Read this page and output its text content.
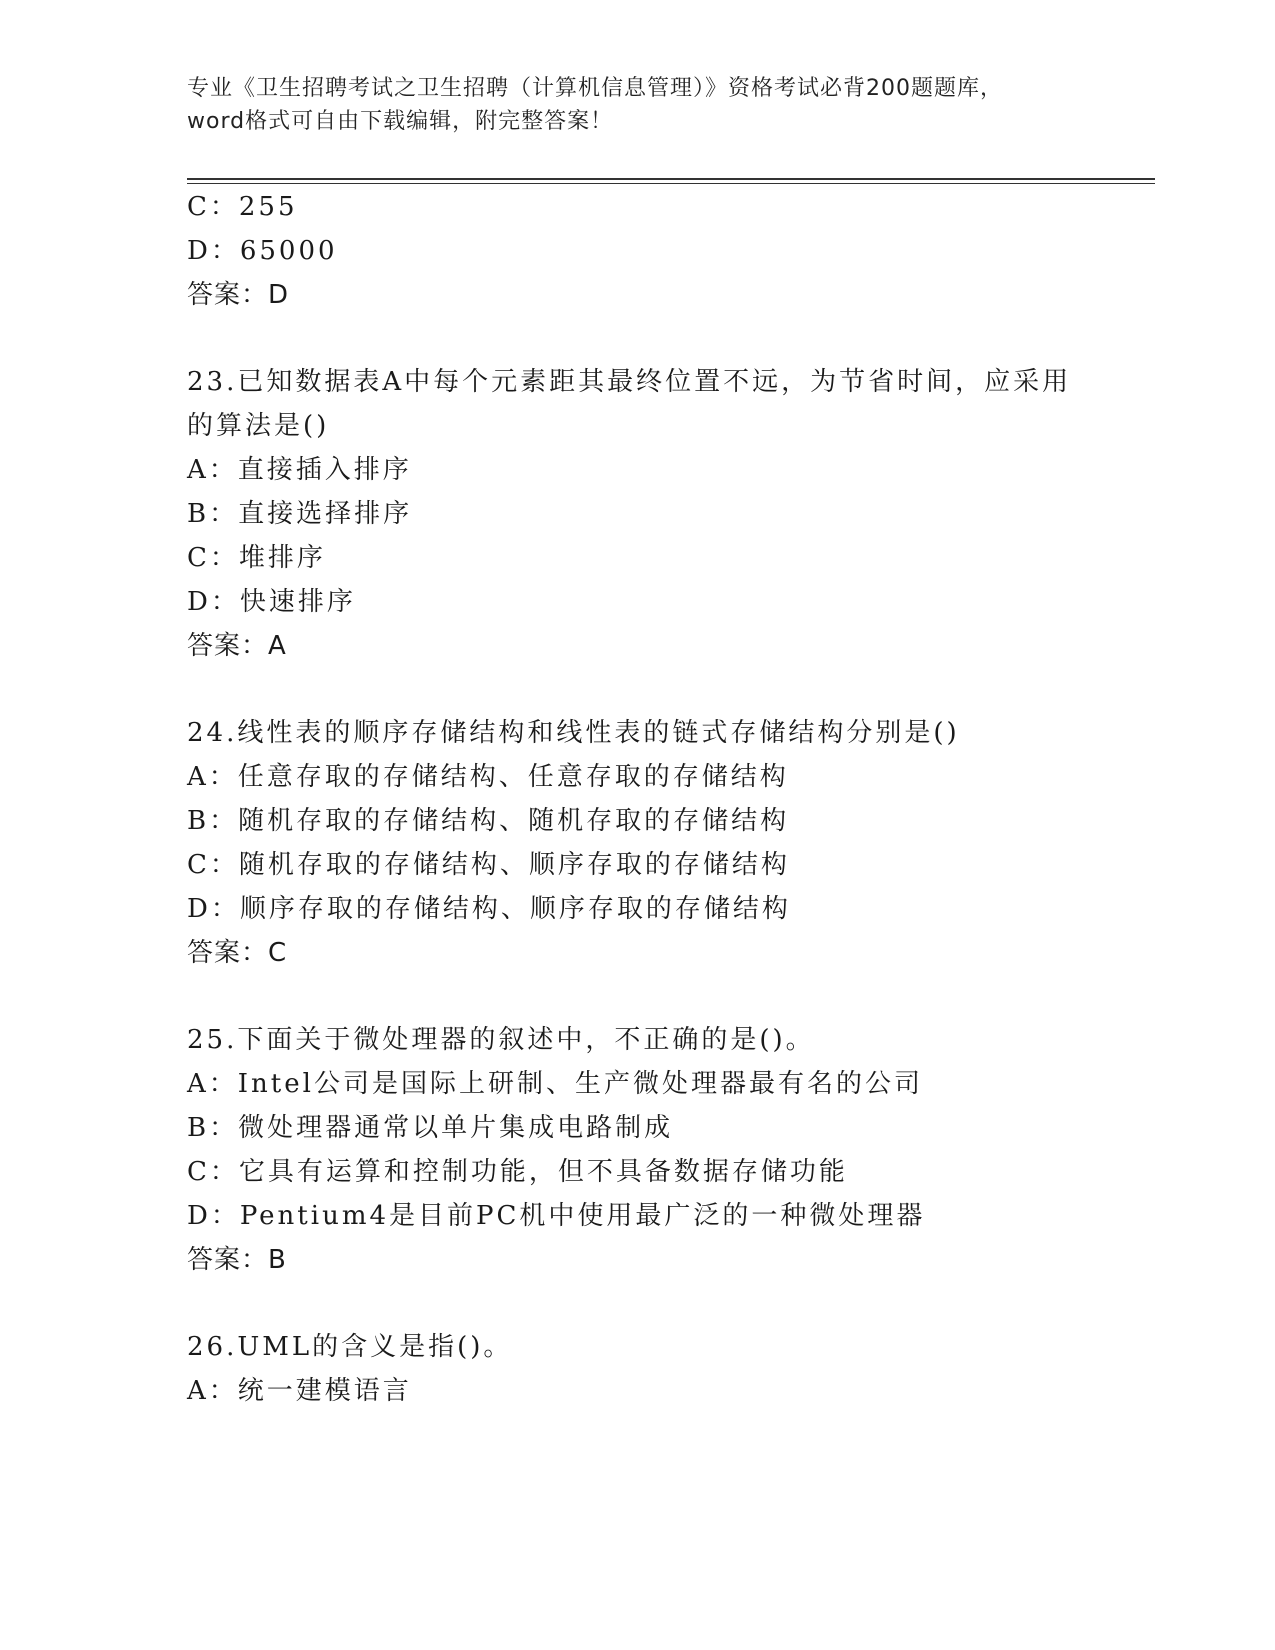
专业《卫生招聘考试之卫生招聘（计算机信息管理）》资格考试必背200题题库，
word格式可自由下载编辑，附完整答案！
C：255
D：65000
答案：D
23.已知数据表A中每个元素距其最终位置不远，为节省时间，应采用
的算法是()
A：直接插入排序
B：直接选择排序
C：堆排序
D：快速排序
答案：A
24.线性表的顺序存储结构和线性表的链式存储结构分别是()
A：任意存取的存储结构、任意存取的存储结构
B：随机存取的存储结构、随机存取的存储结构
C：随机存取的存储结构、顺序存取的存储结构
D：顺序存取的存储结构、顺序存取的存储结构
答案：C
25.下面关于微处理器的叙述中，不正确的是()。
A：Intel公司是国际上研制、生产微处理器最有名的公司
B：微处理器通常以单片集成电路制成
C：它具有运算和控制功能，但不具备数据存储功能
D：Pentium4是目前PC机中使用最广泛的一种微处理器
答案：B
26.UML的含义是指()。
A：统一建模语言
